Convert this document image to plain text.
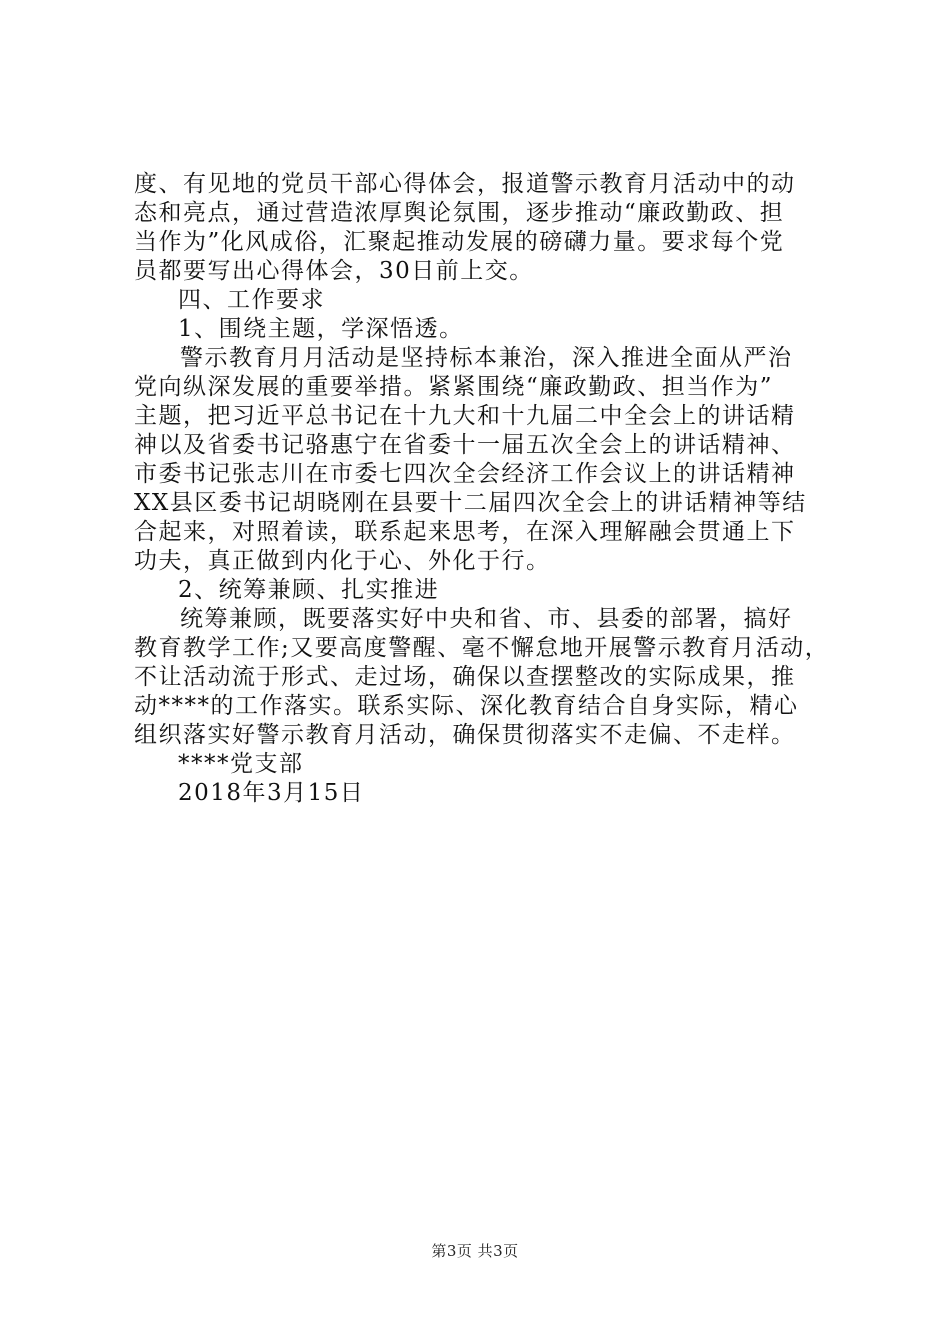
度、有见地的党员干部心得体会，报道警示教育月活动中的动
态和亮点，通过营造浓厚舆论氛围，逐步推动“廉政勤政、担
当作为”化风成俗，汇聚起推动发展的磅礴力量。要求每个党
员都要写出心得体会，30日前上交。
四、工作要求
1、围绕主题，学深悟透。
警示教育月月活动是坚持标本兼治，深入推进全面从严治
党向纵深发展的重要举措。紧紧围绕“廉政勤政、担当作为”
主题，把习近平总书记在十九大和十九届二中全会上的讲话精
神以及省委书记骆惠宁在省委十一届五次全会上的讲话精神、
市委书记张志川在市委七四次全会经济工作会议上的讲话精神
XX县区委书记胡晓刚在县要十二届四次全会上的讲话精神等结
合起来，对照着读，联系起来思考，在深入理解融会贯通上下
功夫，真正做到内化于心、外化于行。
2、统筹兼顾、扎实推进
统筹兼顾，既要落实好中央和省、市、县委的部署，搞好
教育教学工作;又要高度警醒、毫不懈怠地开展警示教育月活动，
不让活动流于形式、走过场，确保以查摆整改的实际成果，推
动****的工作落实。联系实际、深化教育结合自身实际，精心
组织落实好警示教育月活动，确保贯彻落实不走偏、不走样。
****党支部
2018年3月15日
第3页 共3页
